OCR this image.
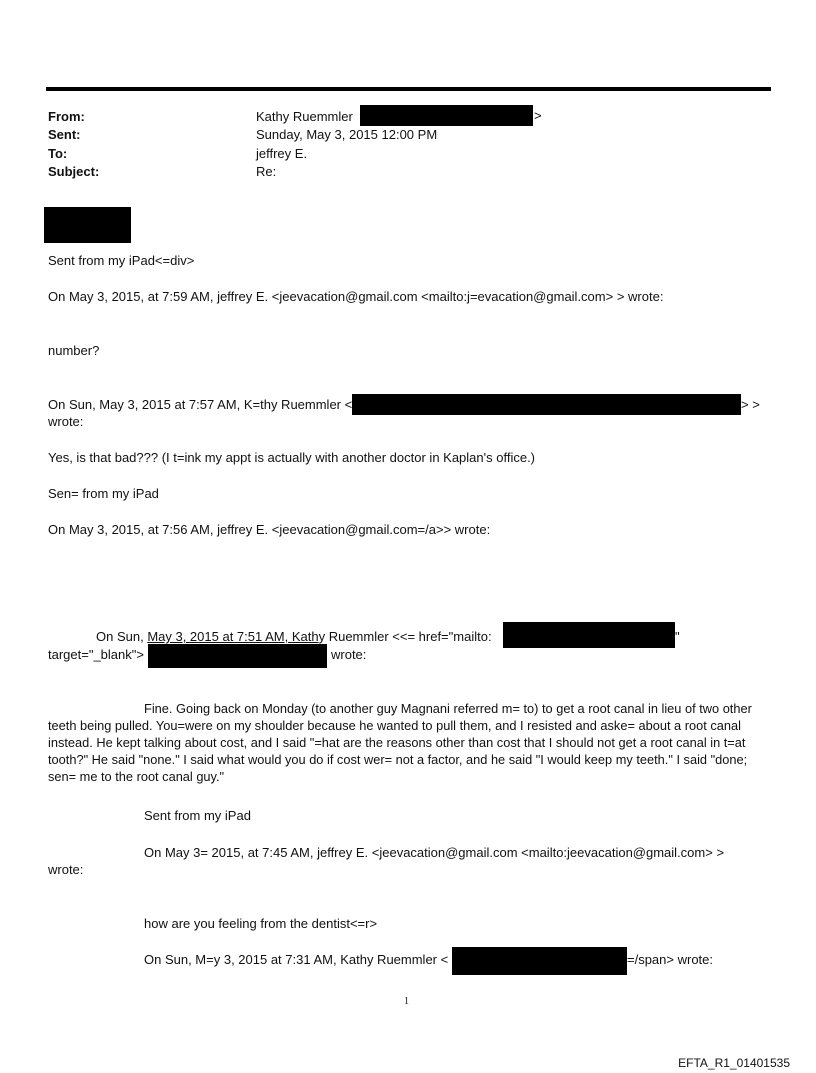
From:	Kathy Ruemmler	>
Sent:	Sunday, May 3, 2015 12:00 PM
To:	jeffrey E.
Subject:	Re:
Sent from my iPad<=div>
On May 3, 2015, at 7:59 AM, jeffrey E. <jeevacation@gmail.com <mailto:j=evacation@gmail.com> > wrote:
number?
On Sun, May 3, 2015 at 7:57 AM, K=thy Ruemmler <	> >
wrote:
Yes, is that bad??? (I t=ink my appt is actually with another doctor in Kaplan's office.)
Sen= from my iPad
On May 3, 2015, at 7:56 AM, jeffrey E. <jeevacation@gmail.com=/a>> wrote:
On Sun, May 3, 2015 at 7:51 AM, Kathy Ruemmler <<= href="mailto:	"
target="_blank">	wrote:
Fine. Going back on Monday (to another guy Magnani referred m= to) to get a root canal in lieu of two other teeth being pulled. You=were on my shoulder because he wanted to pull them, and I resisted and aske= about a root canal instead. He kept talking about cost, and I said "=hat are the reasons other than cost that I should not get a root canal in t=at tooth?" He said "none." I said what would you do if cost wer= not a factor, and he said "I would keep my teeth." I said "done; sen= me to the root canal guy."
Sent from my iPad
On May 3= 2015, at 7:45 AM, jeffrey E. <jeevacation@gmail.com <mailto:jeevacation@gmail.com> >
wrote:
how are you feeling from the dentist<=r>
On Sun, M=y 3, 2015 at 7:31 AM, Kathy Ruemmler <	=/span> wrote:
1
EFTA_R1_01401535
